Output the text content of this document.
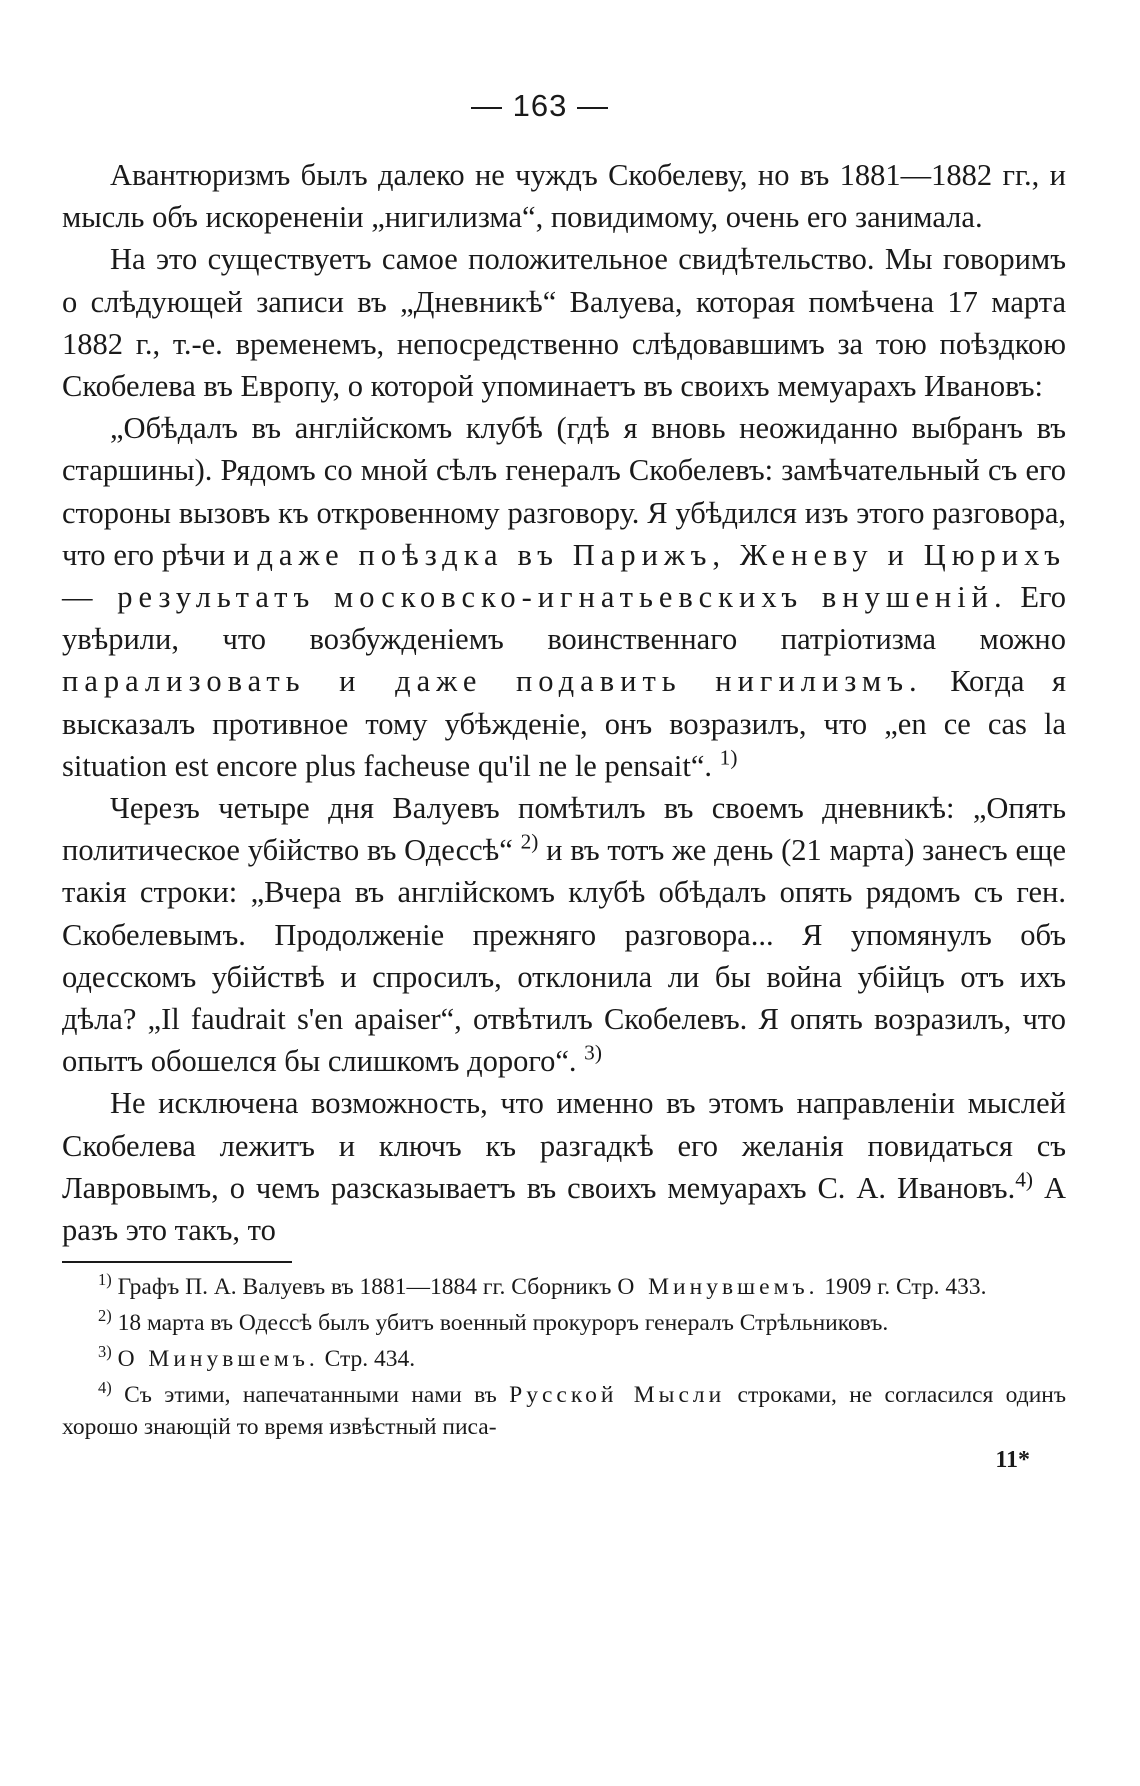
— 163 —

Авантюризмъ былъ далеко не чуждъ Скобелеву, но въ 1881—1882 гг., и мысль объ искорененіи „нигилизма“, повидимому, очень его занимала.

На это существуетъ самое положительное свидѣтельство. Мы говоримъ о слѣдующей записи въ „Дневникѣ“ Валуева, которая помѣчена 17 марта 1882 г., т.-е. временемъ, непосредственно слѣдовавшимъ за тою поѣздкою Скобелева въ Европу, о которой упоминаетъ въ своихъ мемуарахъ Ивановъ:

„Обѣдалъ въ англійскомъ клубѣ (гдѣ я вновь неожиданно выбранъ въ старшины). Рядомъ со мной сѣлъ генералъ Скобелевъ: замѣчательный съ его стороны вызовъ къ откровенному разговору. Я убѣдился изъ этого разговора, что его рѣчи и даже поѣздка въ Парижъ, Женеву и Цюрихъ — результатъ московско-игнатьевскихъ внушеній. Его увѣрили, что возбужденіемъ воинственнаго патріотизма можно парализовать и даже подавить нигилизмъ. Когда я высказалъ противное тому убѣжденіе, онъ возразилъ, что „en ce cas la situation est encore plus facheuse qu'il ne le pensait“. $^{1)}$

Черезъ четыре дня Валуевъ помѣтилъ въ своемъ дневникѣ: „Опять политическое убійство въ Одессѣ“ $^{2)}$ и въ тотъ же день (21 марта) занесъ еще такія строки: „Вчера въ англійскомъ клубѣ обѣдалъ опять рядомъ съ ген. Скобелевымъ. Продолженіе прежняго разговора... Я упомянулъ объ одесскомъ убійствѣ и спросилъ, отклонила ли бы война убійцъ отъ ихъ дѣла? „Il faudrait s'en apaiser“, отвѣтилъ Скобелевъ. Я опять возразилъ, что опытъ обошелся бы слишкомъ дорого“. $^{3)}$

Не исключена возможность, что именно въ этомъ направленіи мыслей Скобелева лежитъ и ключъ къ разгадкѣ его желанія повидаться съ Лавровымъ, о чемъ разсказываетъ въ своихъ мемуарахъ С. А. Ивановъ.$^{4)}$ А разъ это такъ, то

$^{1)}$ Графъ П. А. Валуевъ въ 1881—1884 гг. Сборникъ О Минувшемъ. 1909 г. Стр. 433.

$^{2)}$ 18 марта въ Одессѣ былъ убитъ военный прокуроръ генералъ Стрѣльниковъ.

$^{3)}$ О Минувшемъ. Стр. 434.

$^{4)}$ Съ этими, напечатанными нами въ Русской Мысли строками, не согласился одинъ хорошо знающій то время извѣстный писа-

11*
